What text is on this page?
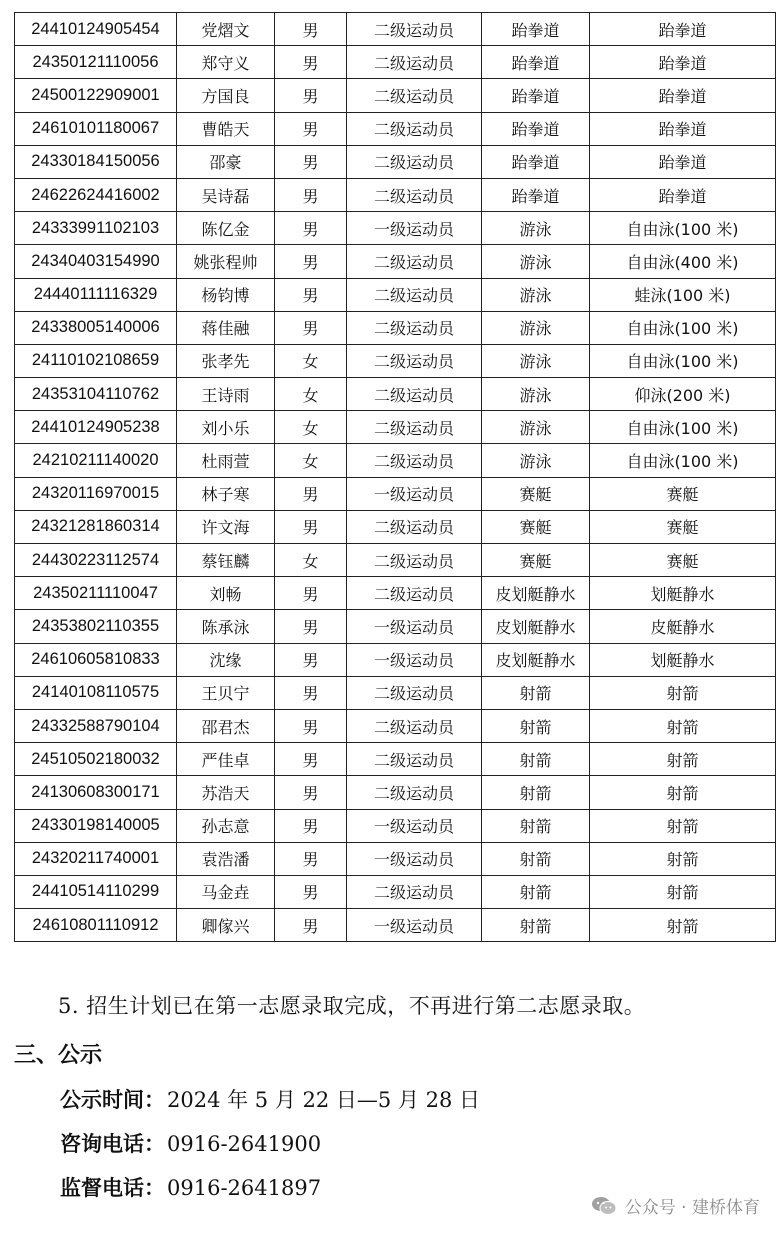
24410124905454	党熠文	男	二级运动员	跆拳道	跆拳道
24350121110056	郑守义	男	二级运动员	跆拳道	跆拳道
24500122909001	方国良	男	二级运动员	跆拳道	跆拳道
24610101180067	曹皓天	男	二级运动员	跆拳道	跆拳道
24330184150056	邵豪	男	二级运动员	跆拳道	跆拳道
24622624416002	吴诗磊	男	二级运动员	跆拳道	跆拳道
24333991102103	陈亿金	男	一级运动员	游泳	自由泳(100 米)
24340403154990	姚张程帅	男	二级运动员	游泳	自由泳(400 米)
24440111116329	杨钧博	男	二级运动员	游泳	蛙泳(100 米)
24338005140006	蒋佳融	男	二级运动员	游泳	自由泳(100 米)
24110102108659	张孝先	女	二级运动员	游泳	自由泳(100 米)
24353104110762	王诗雨	女	二级运动员	游泳	仰泳(200 米)
24410124905238	刘小乐	女	二级运动员	游泳	自由泳(100 米)
24210211140020	杜雨萱	女	二级运动员	游泳	自由泳(100 米)
24320116970015	林子寒	男	一级运动员	赛艇	赛艇
24321281860314	许文海	男	二级运动员	赛艇	赛艇
24430223112574	蔡钰麟	女	二级运动员	赛艇	赛艇
24350211110047	刘畅	男	二级运动员	皮划艇静水	划艇静水
24353802110355	陈承泳	男	一级运动员	皮划艇静水	皮艇静水
24610605810833	沈缘	男	一级运动员	皮划艇静水	划艇静水
24140108110575	王贝宁	男	二级运动员	射箭	射箭
24332588790104	邵君杰	男	二级运动员	射箭	射箭
24510502180032	严佳卓	男	二级运动员	射箭	射箭
24130608300171	苏浩天	男	二级运动员	射箭	射箭
24330198140005	孙志意	男	一级运动员	射箭	射箭
24320211740001	袁浩潘	男	一级运动员	射箭	射箭
24410514110299	马金垚	男	二级运动员	射箭	射箭
24610801110912	卿傢兴	男	一级运动员	射箭	射箭
5. 招生计划已在第一志愿录取完成，不再进行第二志愿录取。
三、公示
公示时间：2024 年 5 月 22 日—5 月 28 日
咨询电话：0916-2641900
监督电话：0916-2641897
公众号 · 建桥体育
